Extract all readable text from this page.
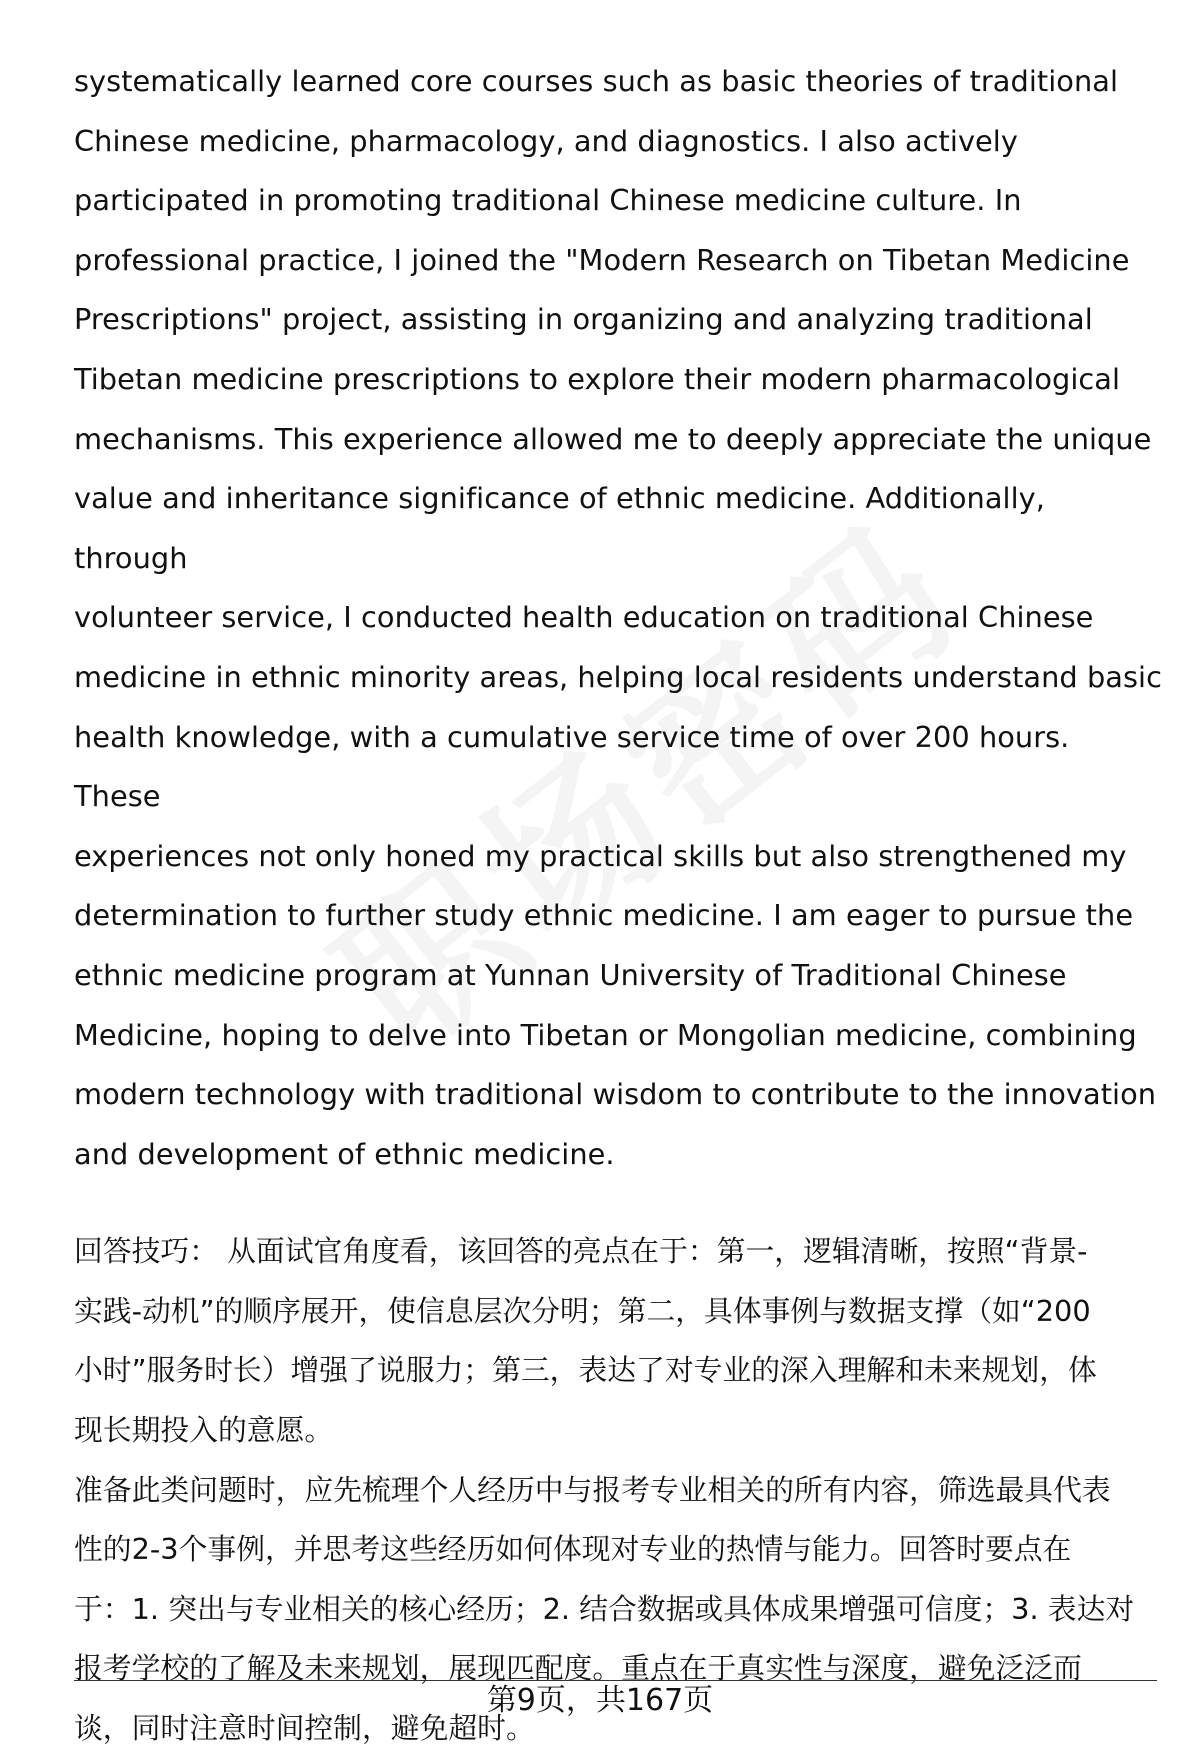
systematically learned core courses such as basic theories of traditional
Chinese medicine, pharmacology, and diagnostics. I also actively
participated in promoting traditional Chinese medicine culture. In
professional practice, I joined the "Modern Research on Tibetan Medicine
Prescriptions" project, assisting in organizing and analyzing traditional
Tibetan medicine prescriptions to explore their modern pharmacological
mechanisms. This experience allowed me to deeply appreciate the unique
value and inheritance significance of ethnic medicine. Additionally, through
volunteer service, I conducted health education on traditional Chinese
medicine in ethnic minority areas, helping local residents understand basic
health knowledge, with a cumulative service time of over 200 hours. These
experiences not only honed my practical skills but also strengthened my
determination to further study ethnic medicine. I am eager to pursue the
ethnic medicine program at Yunnan University of Traditional Chinese
Medicine, hoping to delve into Tibetan or Mongolian medicine, combining
modern technology with traditional wisdom to contribute to the innovation
and development of ethnic medicine.
回答技巧： 从面试官角度看，该回答的亮点在于：第一，逻辑清晰，按照“背景-
实践-动机”的顺序展开，使信息层次分明；第二，具体事例与数据支撑（如“200
小时”服务时长）增强了说服力；第三，表达了对专业的深入理解和未来规划，体
现长期投入的意愿。
准备此类问题时，应先梳理个人经历中与报考专业相关的所有内容，筛选最具代表
性的2-3个事例，并思考这些经历如何体现对专业的热情与能力。回答时要点在
于：1. 突出与专业相关的核心经历；2. 结合数据或具体成果增强可信度；3. 表达对
报考学校的了解及未来规划，展现匹配度。重点在于真实性与深度，避免泛泛而
谈，同时注意时间控制，避免超时。
第9页，共167页
